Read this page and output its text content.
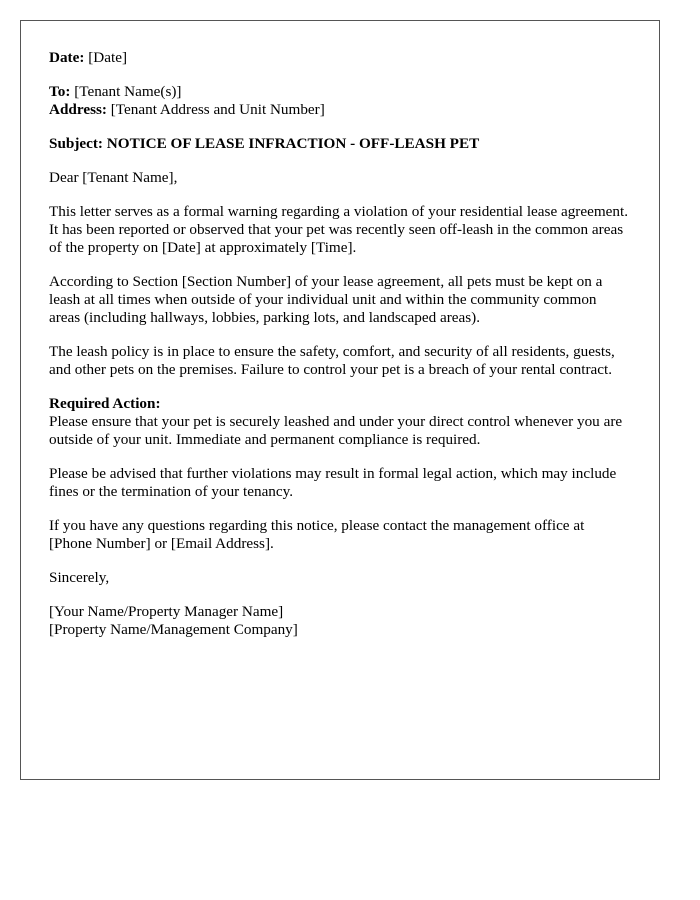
Date: [Date]

To: [Tenant Name(s)]
Address: [Tenant Address and Unit Number]

Subject: NOTICE OF LEASE INFRACTION - OFF-LEASH PET

Dear [Tenant Name],

This letter serves as a formal warning regarding a violation of your residential lease agreement. It has been reported or observed that your pet was recently seen off-leash in the common areas of the property on [Date] at approximately [Time].

According to Section [Section Number] of your lease agreement, all pets must be kept on a leash at all times when outside of your individual unit and within the community common areas (including hallways, lobbies, parking lots, and landscaped areas).

The leash policy is in place to ensure the safety, comfort, and security of all residents, guests, and other pets on the premises. Failure to control your pet is a breach of your rental contract.

Required Action:
Please ensure that your pet is securely leashed and under your direct control whenever you are outside of your unit. Immediate and permanent compliance is required.

Please be advised that further violations may result in formal legal action, which may include fines or the termination of your tenancy.

If you have any questions regarding this notice, please contact the management office at [Phone Number] or [Email Address].

Sincerely,

[Your Name/Property Manager Name]
[Property Name/Management Company]
